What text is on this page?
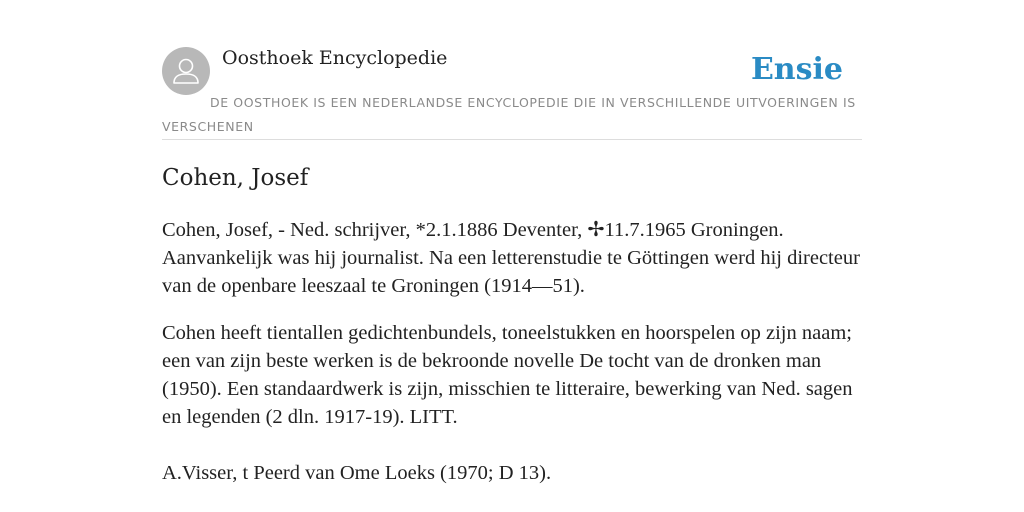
Oosthoek Encyclopedie	Ensie
DE OOSTHOEK IS EEN NEDERLANDSE ENCYCLOPEDIE DIE IN VERSCHILLENDE UITVOERINGEN IS VERSCHENEN
Cohen, Josef

Cohen, Josef, - Ned. schrijver, *2.1.1886 Deventer, ✢11.7.1965 Groningen. Aanvankelijk was hij journalist. Na een letterenstudie te Göttingen werd hij directeur van de openbare leeszaal te Groningen (1914—51).

Cohen heeft tientallen gedichtenbundels, toneelstukken en hoorspelen op zijn naam; een van zijn beste werken is de bekroonde novelle De tocht van de dronken man (1950). Een standaardwerk is zijn, misschien te litteraire, bewerking van Ned. sagen en legenden (2 dln. 1917-19). LITT.

A.Visser, t Peerd van Ome Loeks (1970; D 13).
